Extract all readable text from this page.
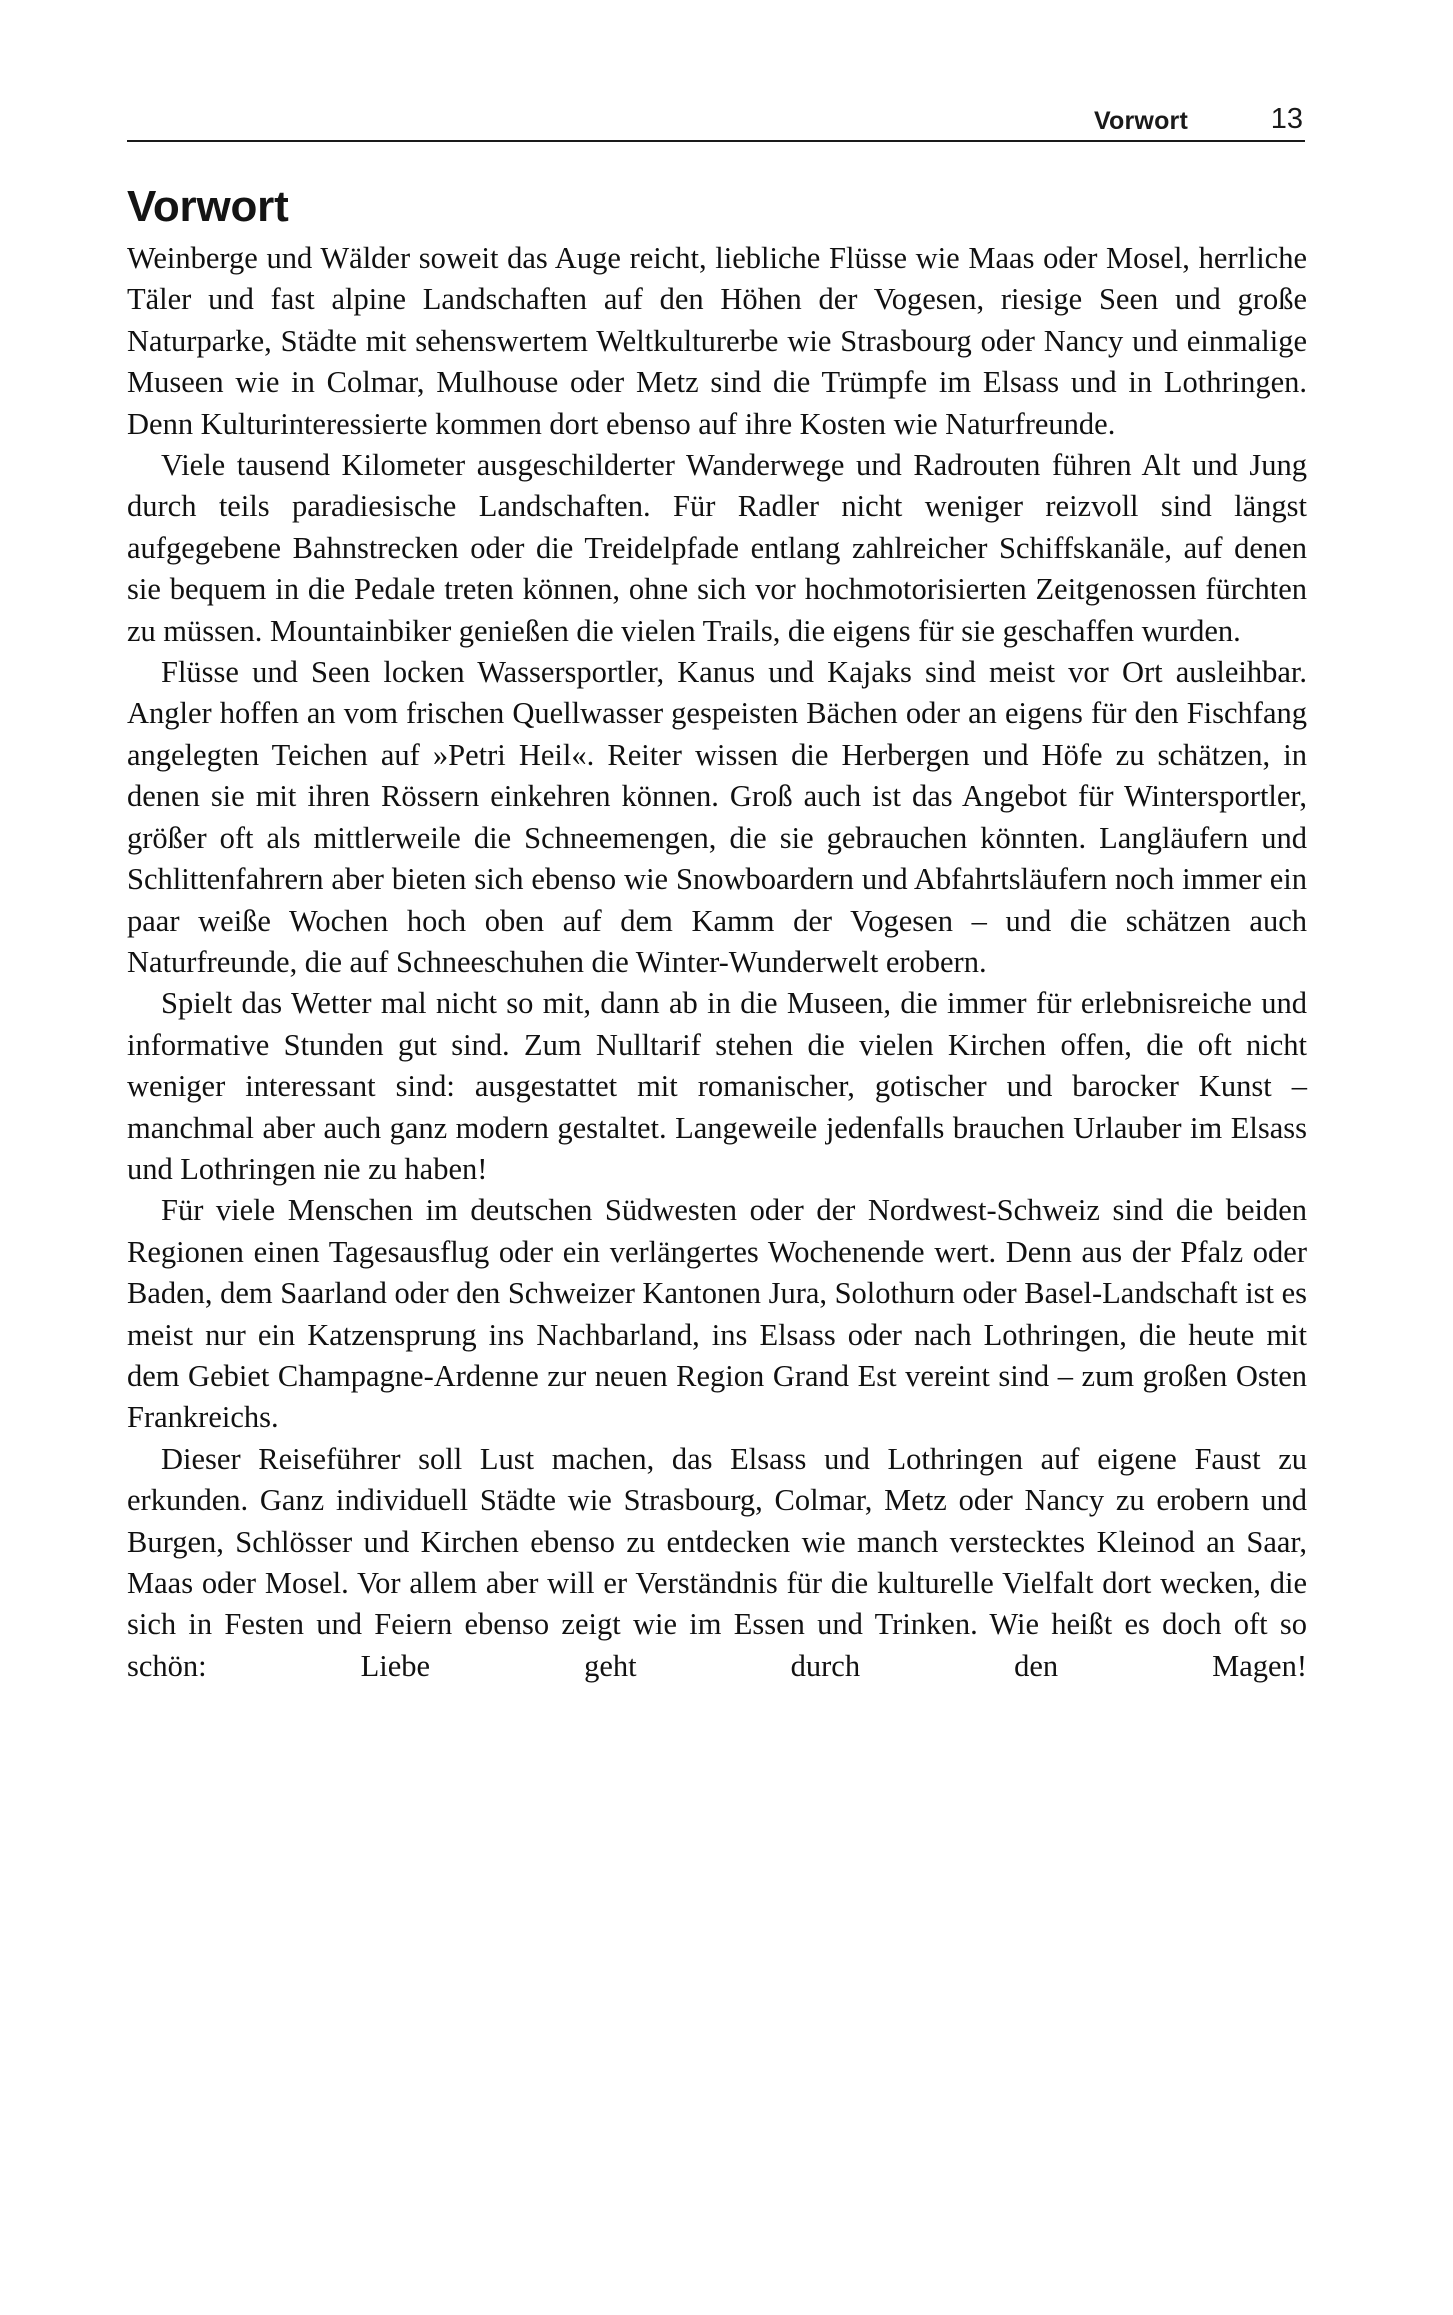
Vorwort	13
Vorwort

Weinberge und Wälder soweit das Auge reicht, liebliche Flüsse wie Maas oder Mosel, herrliche Täler und fast alpine Landschaften auf den Höhen der Vogesen, riesige Seen und große Naturparke, Städte mit sehenswertem Weltkulturerbe wie Strasbourg oder Nancy und einmalige Museen wie in Colmar, Mulhouse oder Metz sind die Trümpfe im Elsass und in Lothringen. Denn Kulturinteressierte kommen dort ebenso auf ihre Kosten wie Naturfreunde.

Viele tausend Kilometer ausgeschilderter Wanderwege und Radrouten führen Alt und Jung durch teils paradiesische Landschaften. Für Radler nicht weniger reizvoll sind längst aufgegebene Bahnstrecken oder die Treidelpfade entlang zahlreicher Schiffskanäle, auf denen sie bequem in die Pedale treten können, ohne sich vor hochmotorisierten Zeitgenossen fürchten zu müssen. Mountainbiker genießen die vielen Trails, die eigens für sie geschaffen wurden.

Flüsse und Seen locken Wassersportler, Kanus und Kajaks sind meist vor Ort ausleihbar. Angler hoffen an vom frischen Quellwasser gespeisten Bächen oder an eigens für den Fischfang angelegten Teichen auf »Petri Heil«. Reiter wissen die Herbergen und Höfe zu schätzen, in denen sie mit ihren Rössern einkehren können. Groß auch ist das Angebot für Wintersportler, größer oft als mittlerweile die Schneemengen, die sie gebrauchen könnten. Langläufern und Schlittenfahrern aber bieten sich ebenso wie Snowboardern und Abfahrtsläufern noch immer ein paar weiße Wochen hoch oben auf dem Kamm der Vogesen – und die schätzen auch Naturfreunde, die auf Schneeschuhen die Winter-Wunderwelt erobern.

Spielt das Wetter mal nicht so mit, dann ab in die Museen, die immer für erlebnisreiche und informative Stunden gut sind. Zum Nulltarif stehen die vielen Kirchen offen, die oft nicht weniger interessant sind: ausgestattet mit romanischer, gotischer und barocker Kunst – manchmal aber auch ganz modern gestaltet. Langeweile jedenfalls brauchen Urlauber im Elsass und Lothringen nie zu haben!

Für viele Menschen im deutschen Südwesten oder der Nordwest-Schweiz sind die beiden Regionen einen Tagesausflug oder ein verlängertes Wochenende wert. Denn aus der Pfalz oder Baden, dem Saarland oder den Schweizer Kantonen Jura, Solothurn oder Basel-Landschaft ist es meist nur ein Katzensprung ins Nachbarland, ins Elsass oder nach Lothringen, die heute mit dem Gebiet Champagne-Ardenne zur neuen Region Grand Est vereint sind – zum großen Osten Frankreichs.

Dieser Reiseführer soll Lust machen, das Elsass und Lothringen auf eigene Faust zu erkunden. Ganz individuell Städte wie Strasbourg, Colmar, Metz oder Nancy zu erobern und Burgen, Schlösser und Kirchen ebenso zu entdecken wie manch verstecktes Kleinod an Saar, Maas oder Mosel. Vor allem aber will er Verständnis für die kulturelle Vielfalt dort wecken, die sich in Festen und Feiern ebenso zeigt wie im Essen und Trinken. Wie heißt es doch oft so schön: Liebe geht durch den Magen!
